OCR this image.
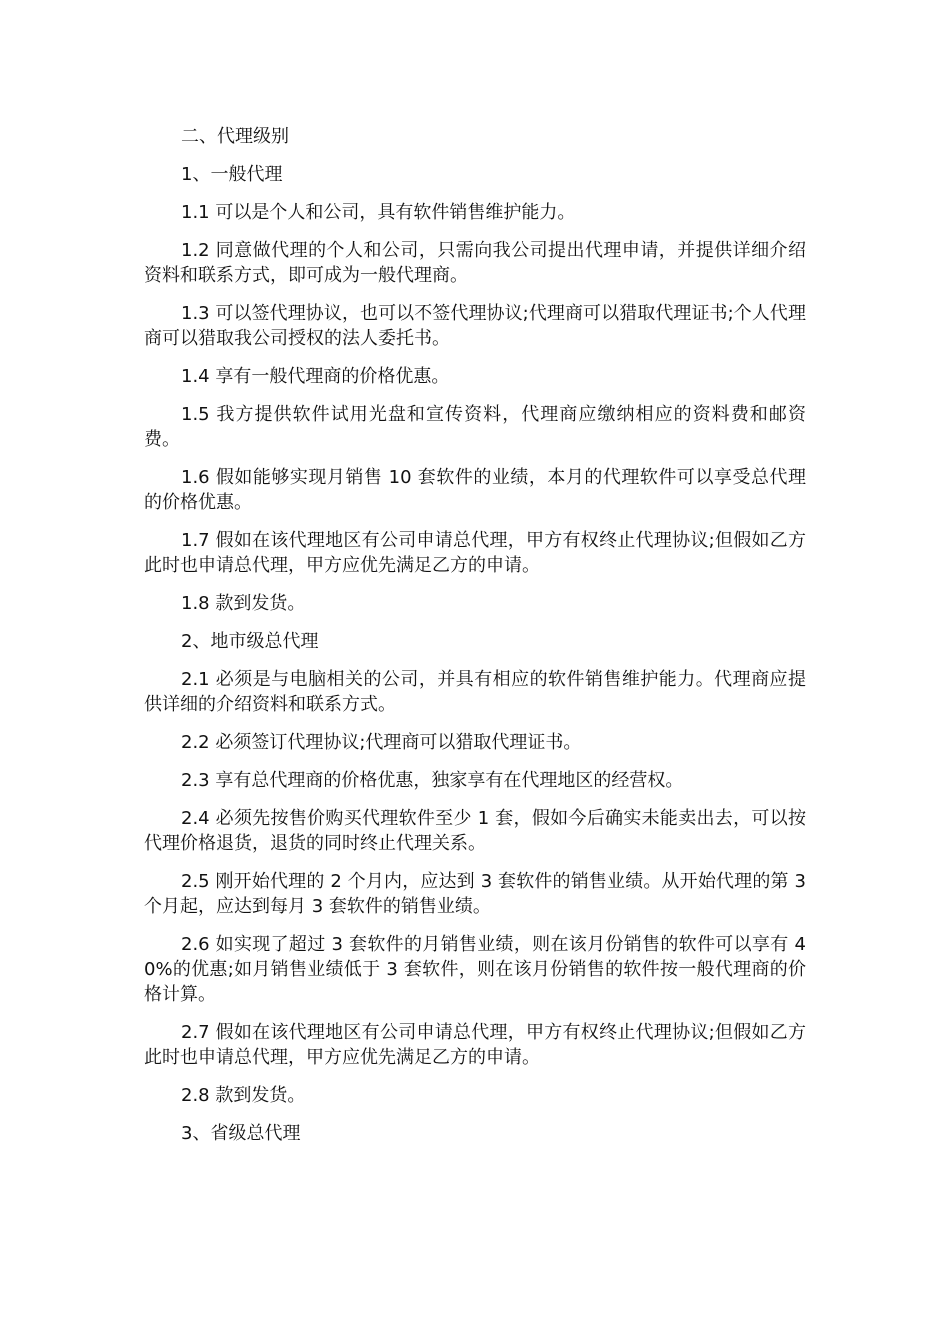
二、代理级别

1、一般代理

1.1 可以是个人和公司，具有软件销售维护能力。

1.2 同意做代理的个人和公司，只需向我公司提出代理申请，并提供详细介绍资料和联系方式，即可成为一般代理商。

1.3 可以签代理协议，也可以不签代理协议;代理商可以猎取代理证书;个人代理商可以猎取我公司授权的法人委托书。

1.4 享有一般代理商的价格优惠。

1.5 我方提供软件试用光盘和宣传资料，代理商应缴纳相应的资料费和邮资费。

1.6 假如能够实现月销售 10 套软件的业绩，本月的代理软件可以享受总代理的价格优惠。

1.7 假如在该代理地区有公司申请总代理，甲方有权终止代理协议;但假如乙方此时也申请总代理，甲方应优先满足乙方的申请。

1.8 款到发货。

2、地市级总代理

2.1 必须是与电脑相关的公司，并具有相应的软件销售维护能力。代理商应提供详细的介绍资料和联系方式。

2.2 必须签订代理协议;代理商可以猎取代理证书。

2.3 享有总代理商的价格优惠，独家享有在代理地区的经营权。

2.4 必须先按售价购买代理软件至少 1 套，假如今后确实未能卖出去，可以按代理价格退货，退货的同时终止代理关系。

2.5 刚开始代理的 2 个月内，应达到 3 套软件的销售业绩。从开始代理的第 3 个月起，应达到每月 3 套软件的销售业绩。

2.6 如实现了超过 3 套软件的月销售业绩，则在该月份销售的软件可以享有 40%的优惠;如月销售业绩低于 3 套软件，则在该月份销售的软件按一般代理商的价格计算。

2.7 假如在该代理地区有公司申请总代理，甲方有权终止代理协议;但假如乙方此时也申请总代理，甲方应优先满足乙方的申请。

2.8 款到发货。

3、省级总代理
